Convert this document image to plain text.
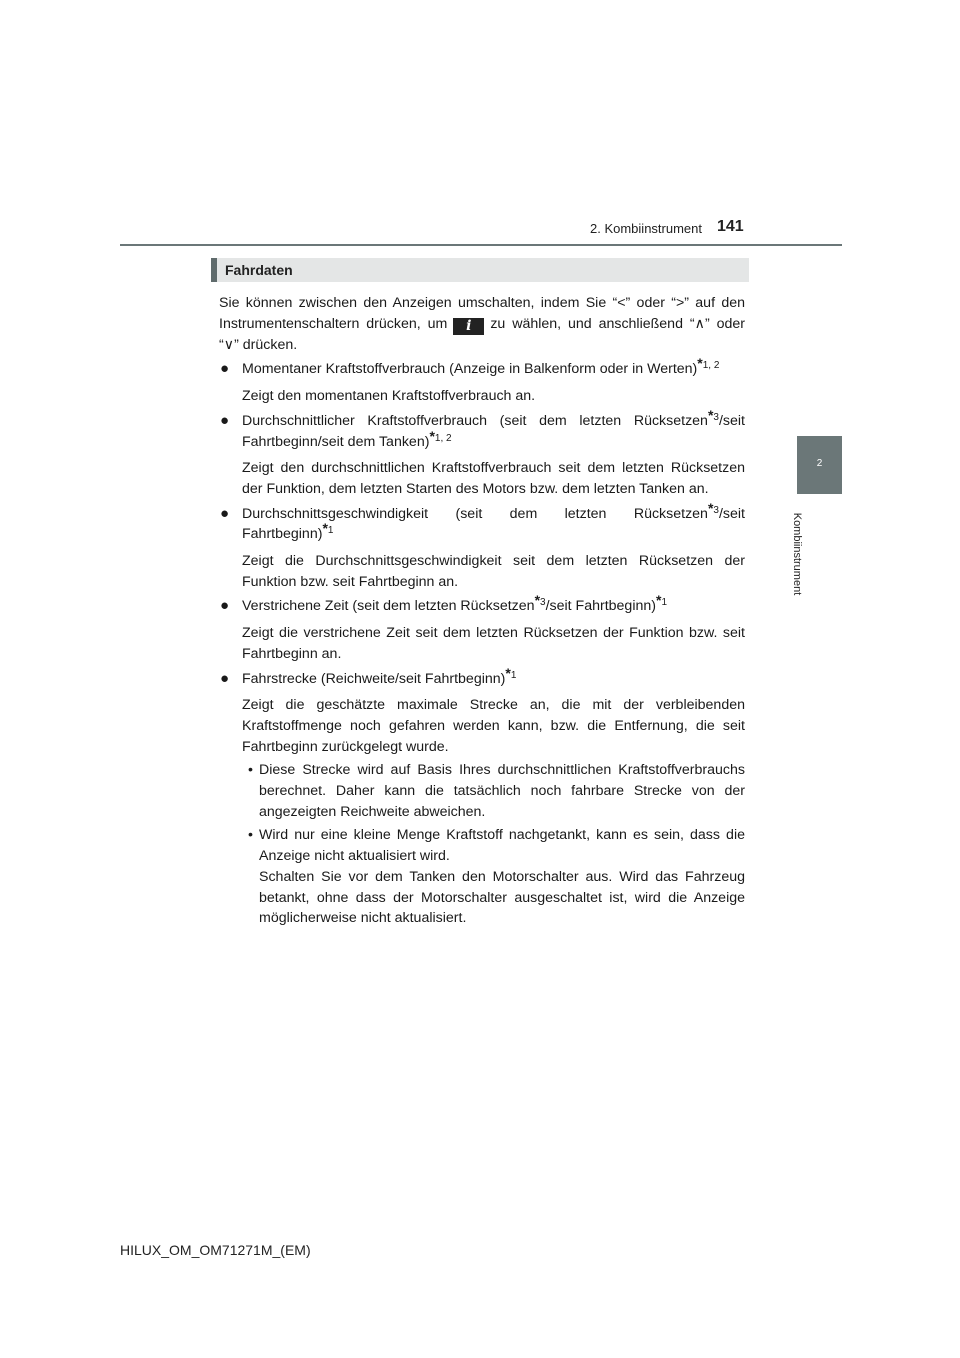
2. Kombiinstrument 141
2
Kombiinstrument
Fahrdaten

Sie können zwischen den Anzeigen umschalten, indem Sie “<” oder “>” auf den Instrumentenschaltern drücken, um i zu wählen, und anschließend “∧” oder “∨” drücken.

● Momentaner Kraftstoffverbrauch (Anzeige in Balkenform oder in Werten)$^{*1, 2}$

Zeigt den momentanen Kraftstoffverbrauch an.

● Durchschnittlicher Kraftstoffverbrauch (seit dem letzten Rücksetzen$^{*3}$/seit Fahrtbeginn/seit dem Tanken)$^{*1, 2}$

Zeigt den durchschnittlichen Kraftstoffverbrauch seit dem letzten Rücksetzen der Funktion, dem letzten Starten des Motors bzw. dem letzten Tanken an.

● Durchschnittsgeschwindigkeit (seit dem letzten Rücksetzen$^{*3}$/seit Fahrtbeginn)$^{*1}$

Zeigt die Durchschnittsgeschwindigkeit seit dem letzten Rücksetzen der Funktion bzw. seit Fahrtbeginn an.

● Verstrichene Zeit (seit dem letzten Rücksetzen$^{*3}$/seit Fahrtbeginn)$^{*1}$

Zeigt die verstrichene Zeit seit dem letzten Rücksetzen der Funktion bzw. seit Fahrtbeginn an.

● Fahrstrecke (Reichweite/seit Fahrtbeginn)$^{*1}$

Zeigt die geschätzte maximale Strecke an, die mit der verbleibenden Kraftstoffmenge noch gefahren werden kann, bzw. die Entfernung, die seit Fahrtbeginn zurückgelegt wurde.

• Diese Strecke wird auf Basis Ihres durchschnittlichen Kraftstoffverbrauchs berechnet. Daher kann die tatsächlich noch fahrbare Strecke von der angezeigten Reichweite abweichen.

• Wird nur eine kleine Menge Kraftstoff nachgetankt, kann es sein, dass die Anzeige nicht aktualisiert wird.

Schalten Sie vor dem Tanken den Motorschalter aus. Wird das Fahrzeug betankt, ohne dass der Motorschalter ausgeschaltet ist, wird die Anzeige möglicherweise nicht aktualisiert.

HILUX_OM_OM71271M_(EM)
